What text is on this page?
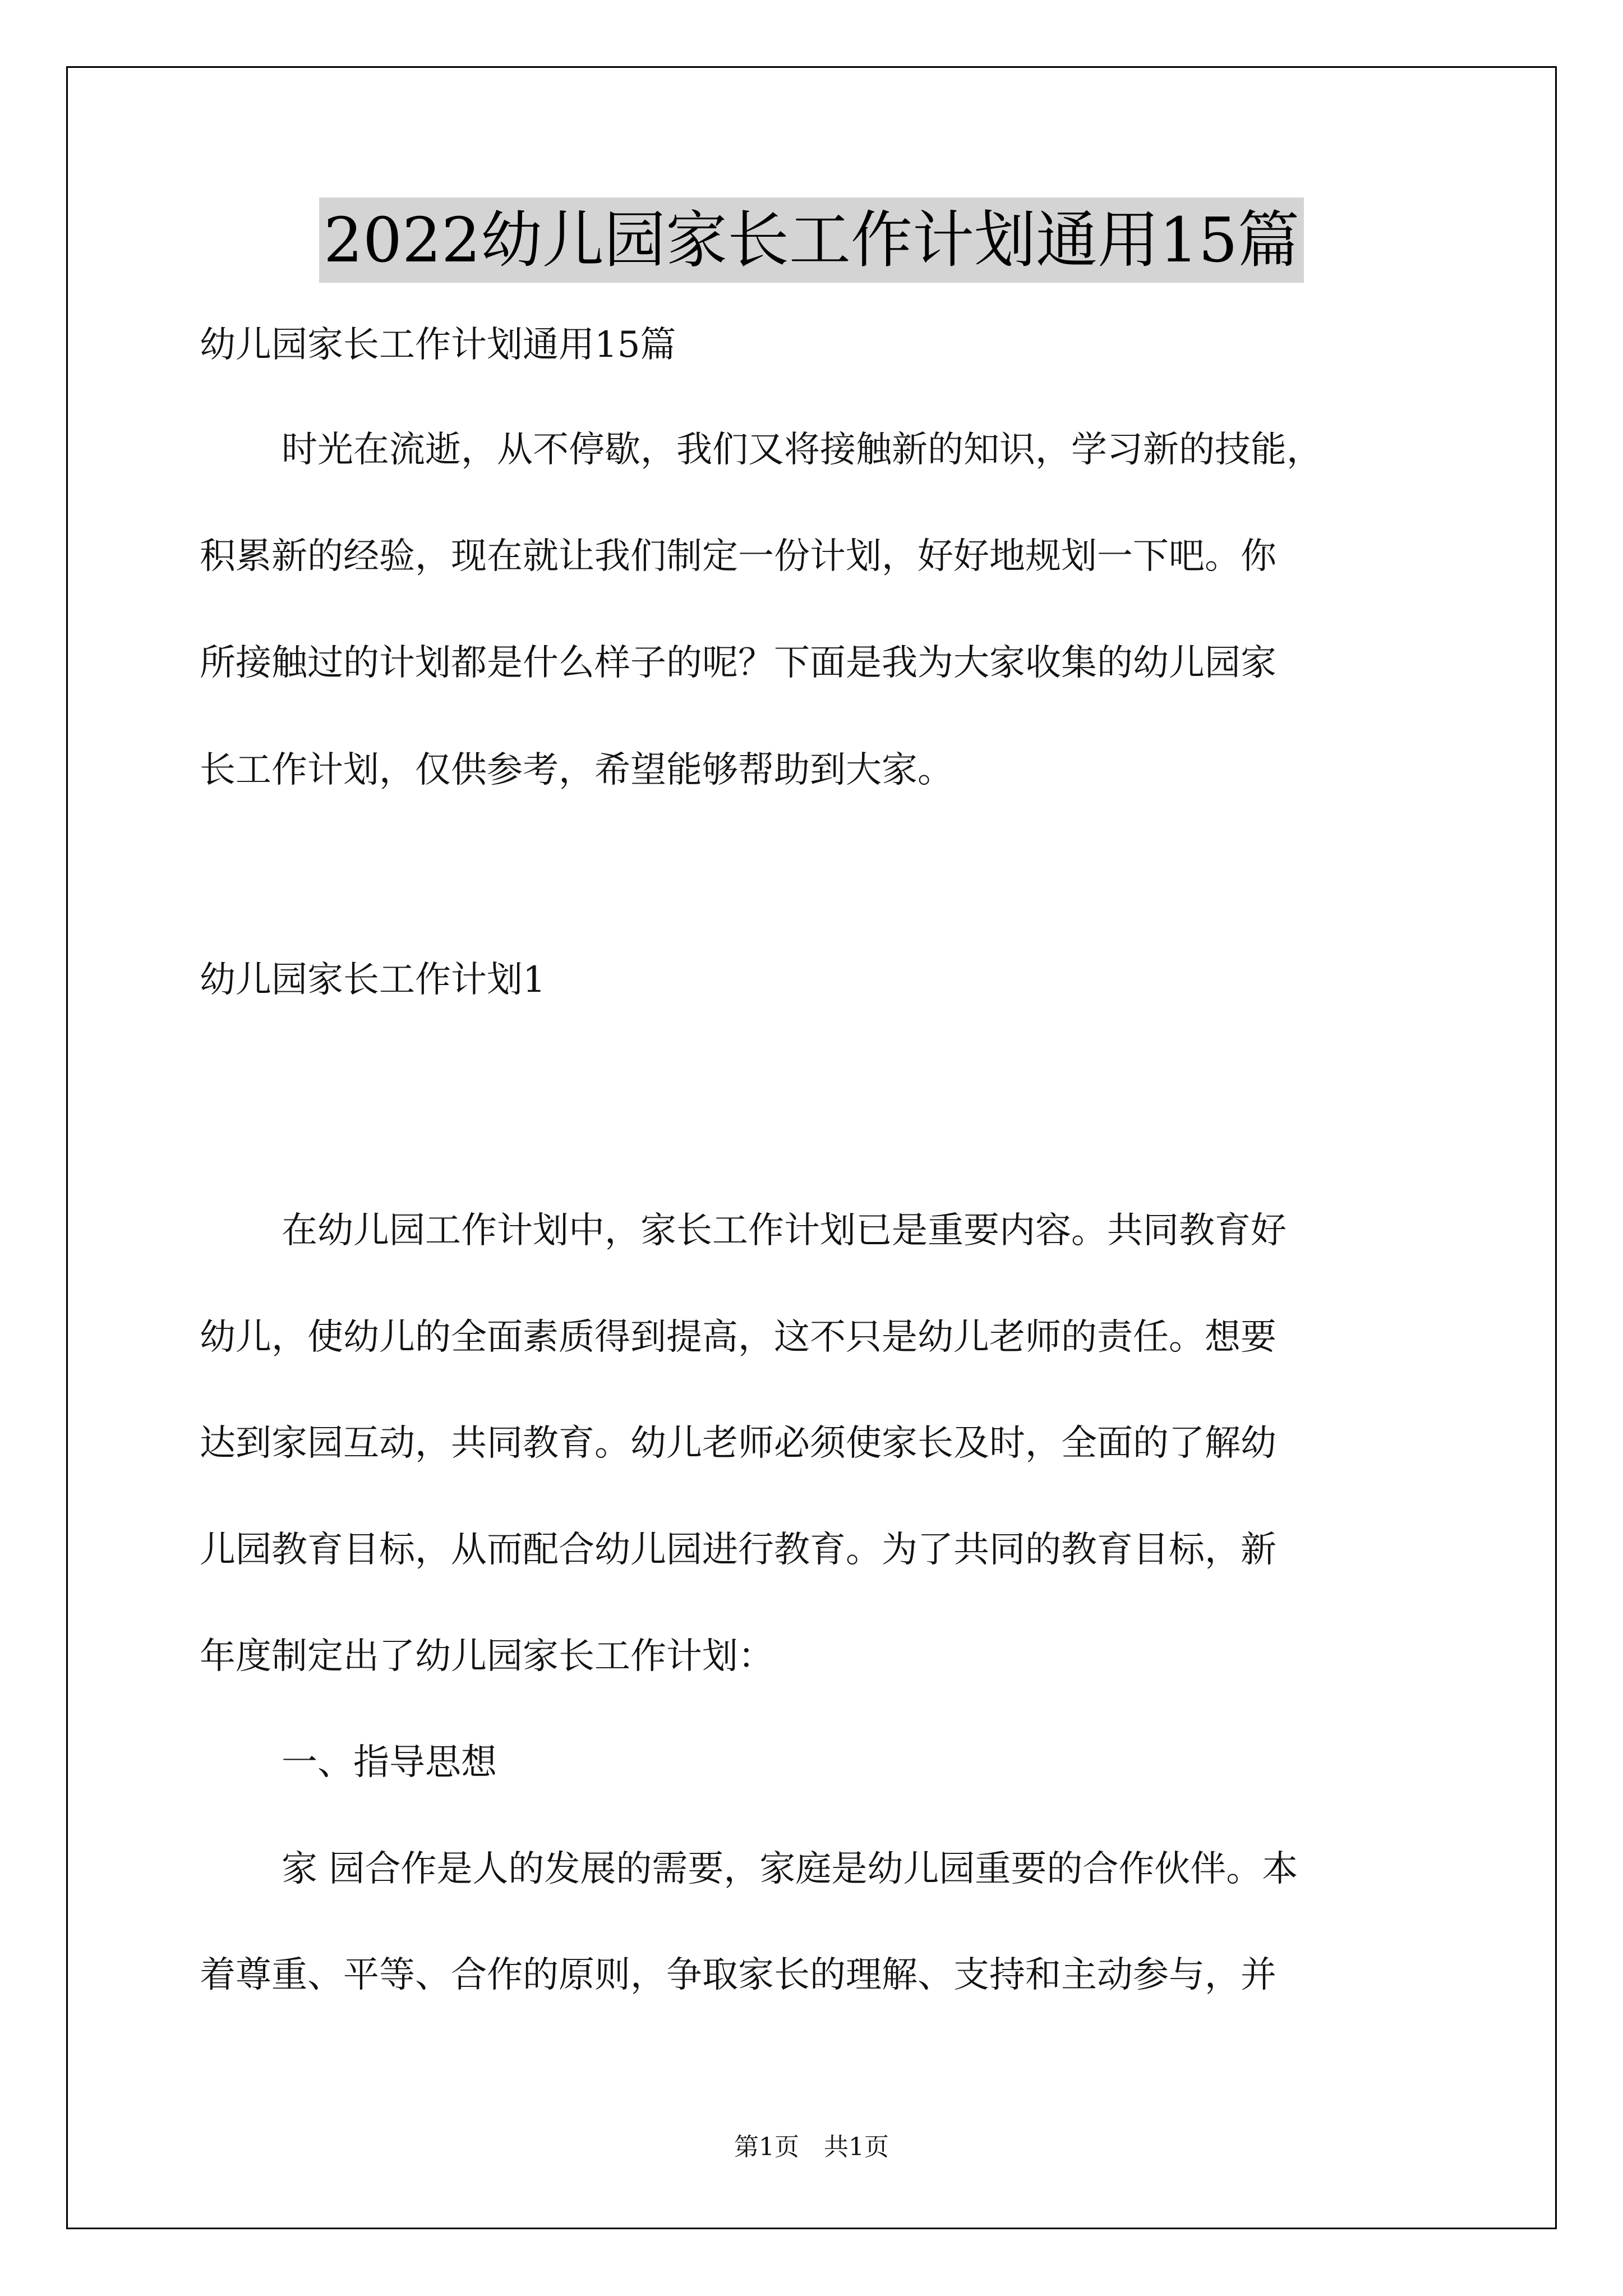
2022幼儿园家长工作计划通用15篇

幼儿园家长工作计划通用15篇

时光在流逝，从不停歇，我们又将接触新的知识，学习新的技能，

积累新的经验，现在就让我们制定一份计划，好好地规划一下吧。你

所接触过的计划都是什么样子的呢？下面是我为大家收集的幼儿园家

长工作计划，仅供参考，希望能够帮助到大家。

幼儿园家长工作计划1

在幼儿园工作计划中，家长工作计划已是重要内容。共同教育好

幼儿，使幼儿的全面素质得到提高，这不只是幼儿老师的责任。想要

达到家园互动，共同教育。幼儿老师必须使家长及时，全面的了解幼

儿园教育目标，从而配合幼儿园进行教育。为了共同的教育目标，新

年度制定出了幼儿园家长工作计划：

一、指导思想

家 园合作是人的发展的需要，家庭是幼儿园重要的合作伙伴。本

着尊重、平等、合作的原则，争取家长的理解、支持和主动参与，并

第1页 共1页
